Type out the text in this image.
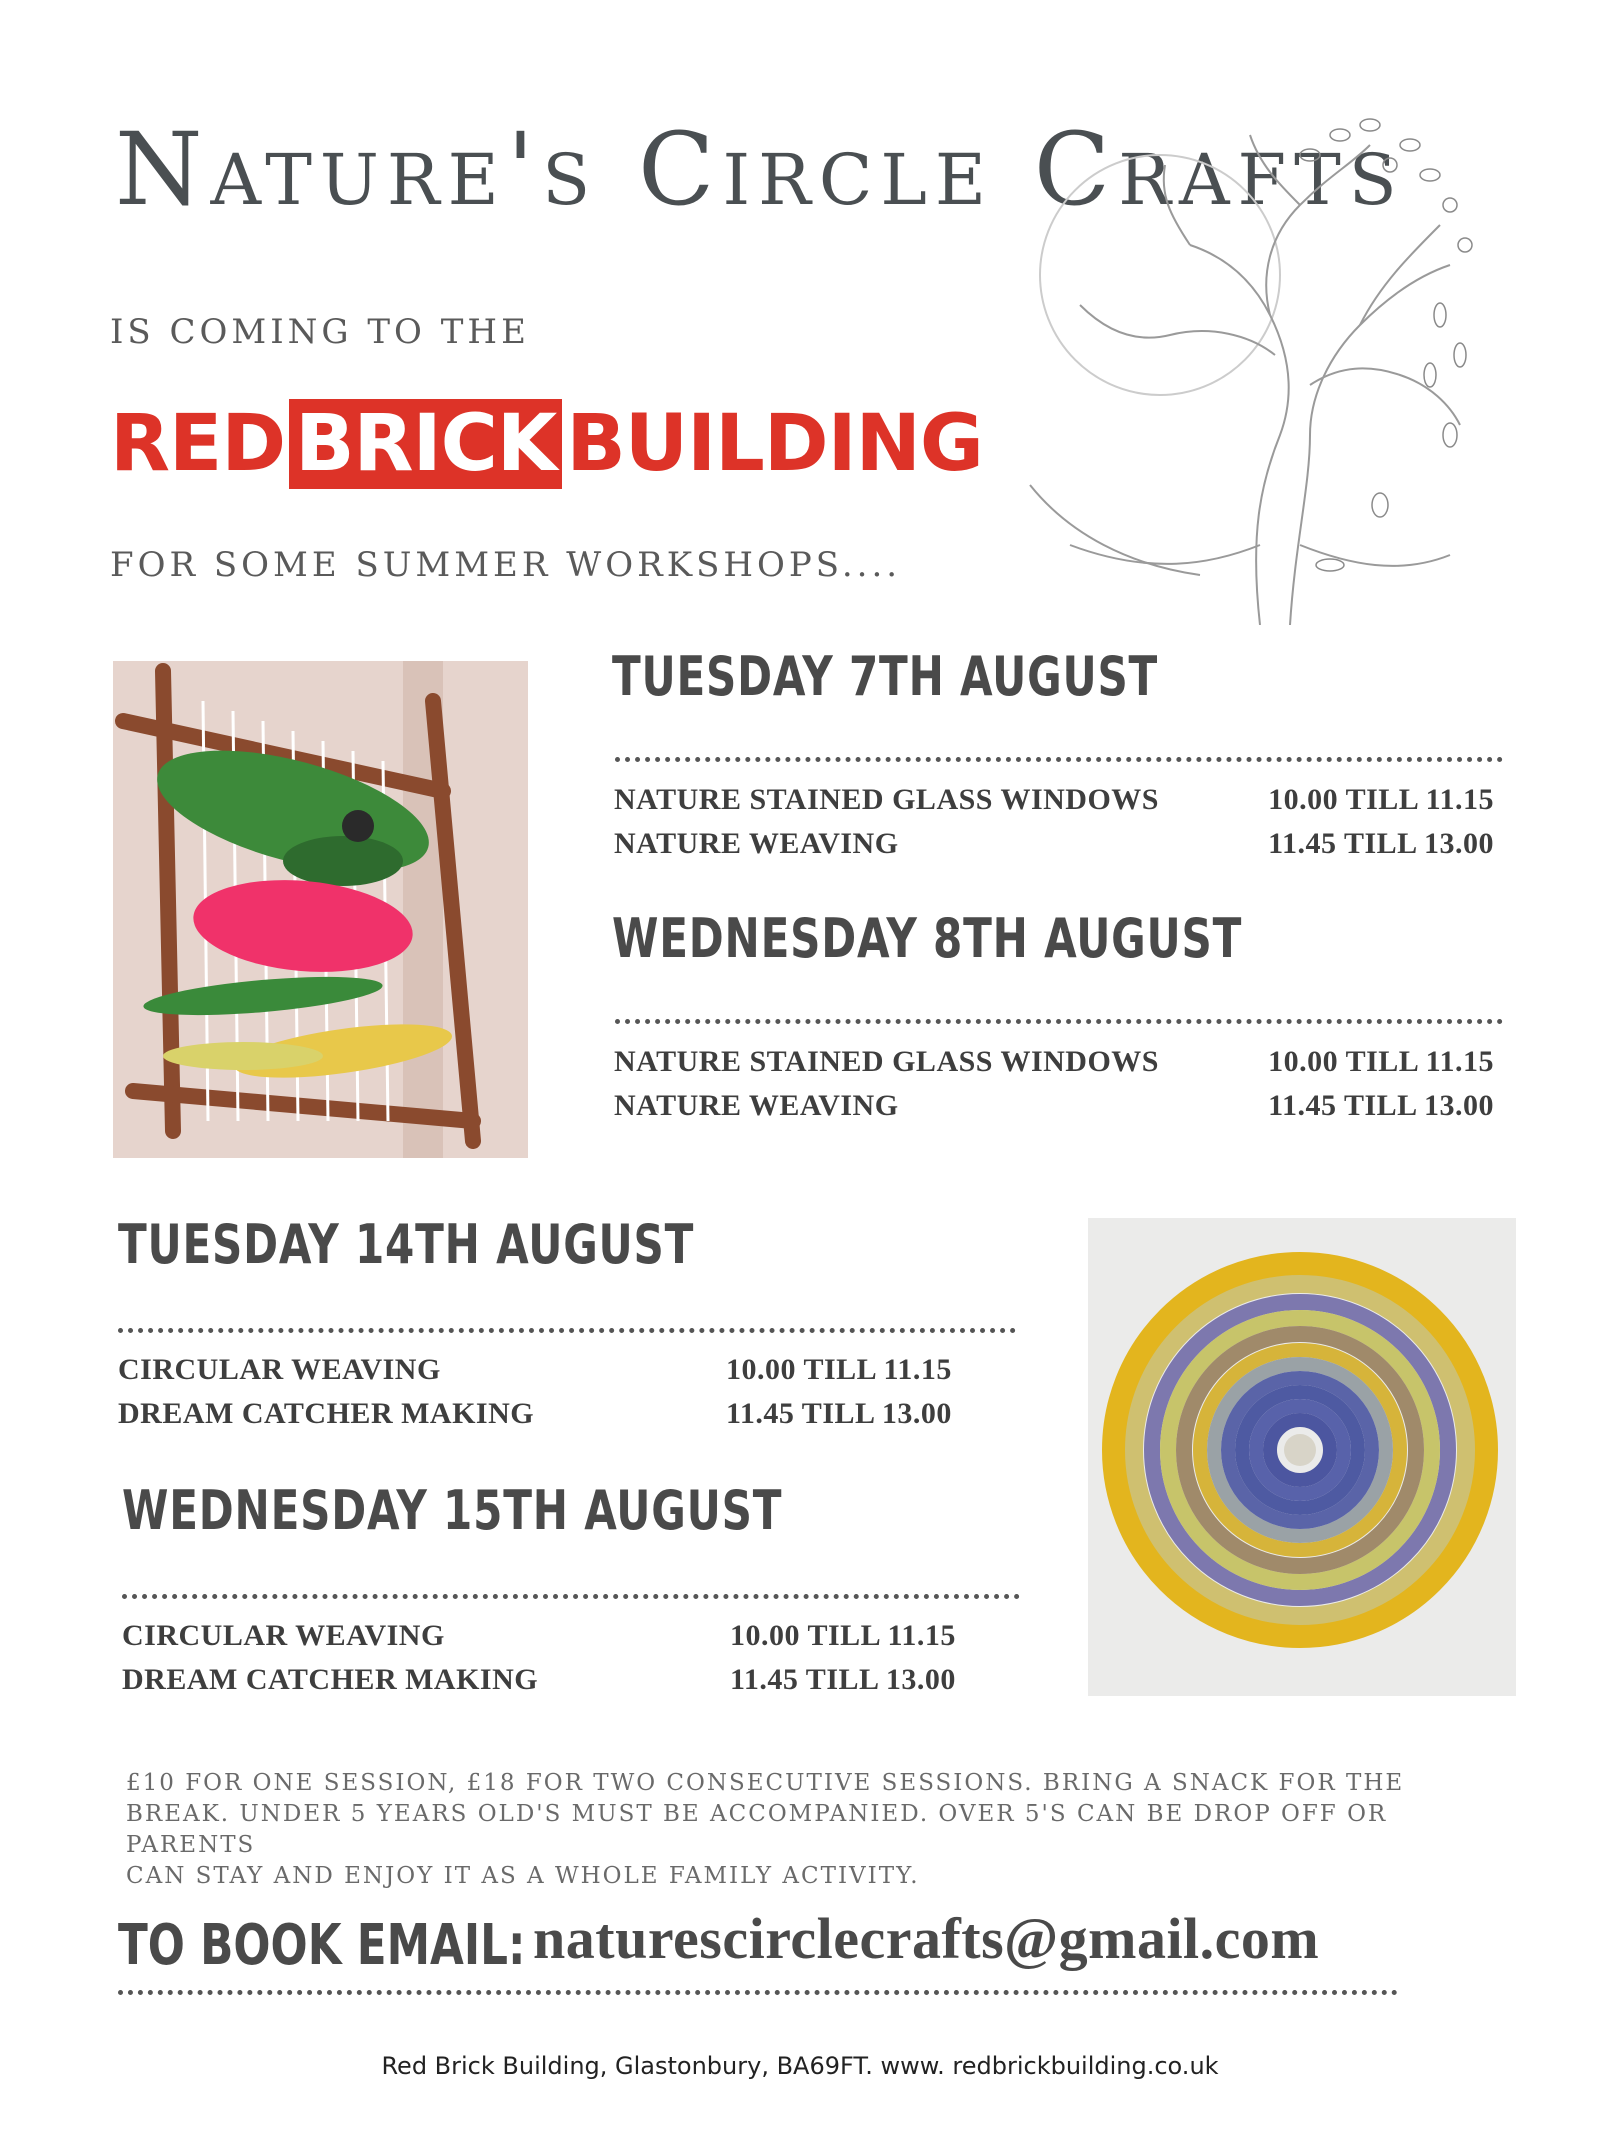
Nature's Circle Crafts
IS COMING TO THE
RED BRICK BUILDING
FOR SOME SUMMER WORKSHOPS....
TUESDAY 7TH AUGUST
NATURE STAINED GLASS WINDOWS	10.00 TILL 11.15
NATURE WEAVING	11.45 TILL 13.00
WEDNESDAY 8TH AUGUST
NATURE STAINED GLASS WINDOWS	10.00 TILL 11.15
NATURE WEAVING	11.45 TILL 13.00
TUESDAY 14TH AUGUST
CIRCULAR WEAVING	10.00 TILL 11.15
DREAM CATCHER MAKING	11.45 TILL 13.00
WEDNESDAY 15TH AUGUST
CIRCULAR WEAVING	10.00 TILL 11.15
DREAM CATCHER MAKING	11.45 TILL 13.00
£10 FOR ONE SESSION, £18 FOR TWO CONSECUTIVE SESSIONS. BRING A SNACK FOR THE
BREAK. UNDER 5 YEARS OLD'S MUST BE ACCOMPANIED. OVER 5'S CAN BE DROP OFF OR PARENTS
CAN STAY AND ENJOY IT AS A WHOLE FAMILY ACTIVITY.
TO BOOK EMAIL: naturescirclecrafts@gmail.com
Red Brick Building, Glastonbury, BA69FT. www. redbrickbuilding.co.uk
